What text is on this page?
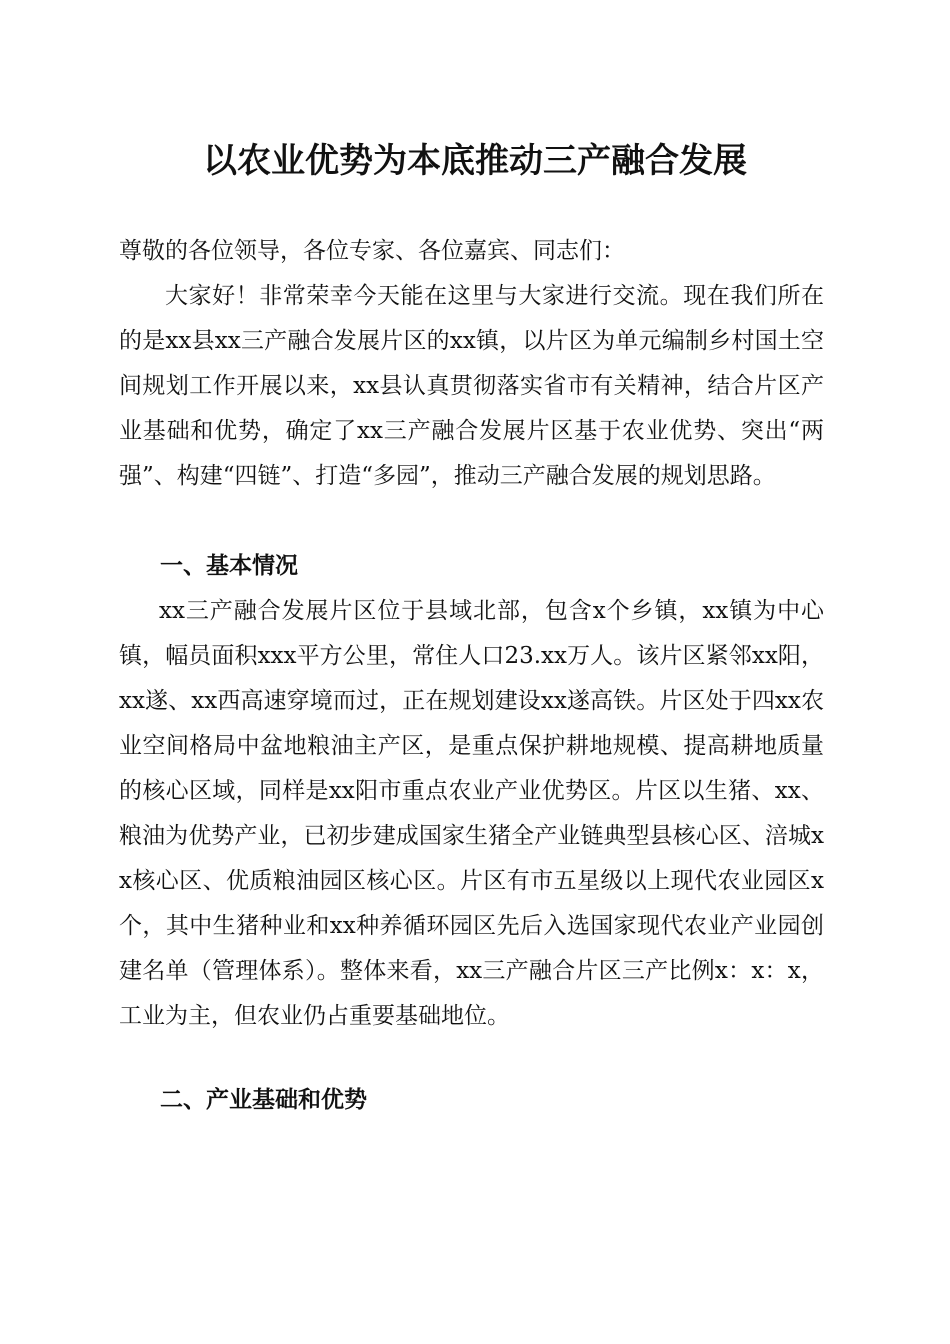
以农业优势为本底推动三产融合发展

尊敬的各位领导，各位专家、各位嘉宾、同志们：

大家好！非常荣幸今天能在这里与大家进行交流。现在我们所在的是xx县xx三产融合发展片区的xx镇，以片区为单元编制乡村国土空间规划工作开展以来，xx县认真贯彻落实省市有关精神，结合片区产业基础和优势，确定了xx三产融合发展片区基于农业优势、突出“两强”、构建“四链”、打造“多园”，推动三产融合发展的规划思路。

一、基本情况

xx三产融合发展片区位于县域北部，包含x个乡镇，xx镇为中心镇，幅员面积xxx平方公里，常住人口23.xx万人。该片区紧邻xx阳，xx遂、xx西高速穿境而过，正在规划建设xx遂高铁。片区处于四xx农业空间格局中盆地粮油主产区，是重点保护耕地规模、提高耕地质量的核心区域，同样是xx阳市重点农业产业优势区。片区以生猪、xx、粮油为优势产业，已初步建成国家生猪全产业链典型县核心区、涪城xx核心区、优质粮油园区核心区。片区有市五星级以上现代农业园区x个，其中生猪种业和xx种养循环园区先后入选国家现代农业产业园创建名单（管理体系）。整体来看，xx三产融合片区三产比例x：x：x，工业为主，但农业仍占重要基础地位。

二、产业基础和优势
